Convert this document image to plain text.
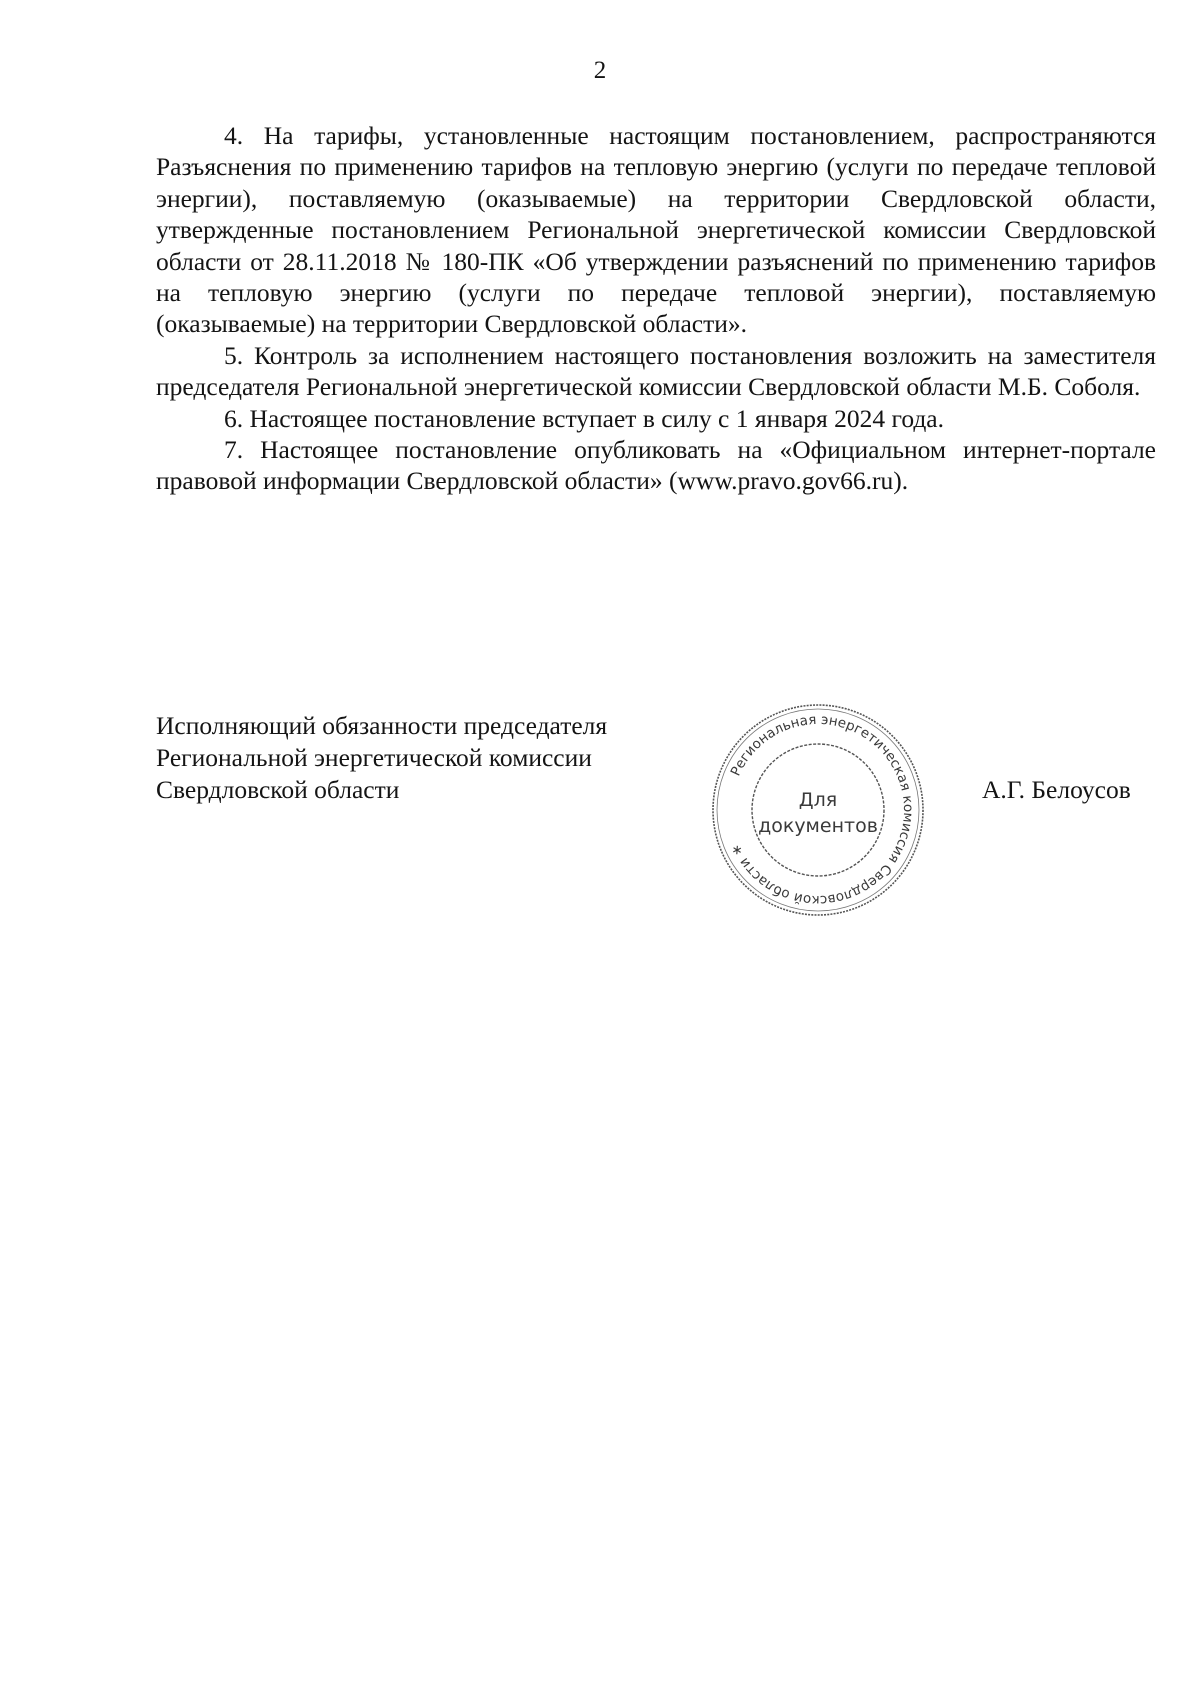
2

4. На тарифы, установленные настоящим постановлением, распространяются Разъяснения по применению тарифов на тепловую энергию (услуги по передаче тепловой энергии), поставляемую (оказываемые) на территории Свердловской области, утвержденные постановлением Региональной энергетической комиссии Свердловской области от 28.11.2018 № 180-ПК «Об утверждении разъяснений по применению тарифов на тепловую энергию (услуги по передаче тепловой энергии), поставляемую (оказываемые) на территории Свердловской области».

5. Контроль за исполнением настоящего постановления возложить на заместителя председателя Региональной энергетической комиссии Свердловской области М.Б. Соболя.

6. Настоящее постановление вступает в силу с 1 января 2024 года.

7. Настоящее постановление опубликовать на «Официальном интернет-портале правовой информации Свердловской области» (www.pravo.gov66.ru).

Исполняющий обязанности председателя
Региональной энергетической комиссии
Свердловской области
Региональная энергетическая комиссия Свердловской области ∗
Для
документов
А.Г. Белоусов
